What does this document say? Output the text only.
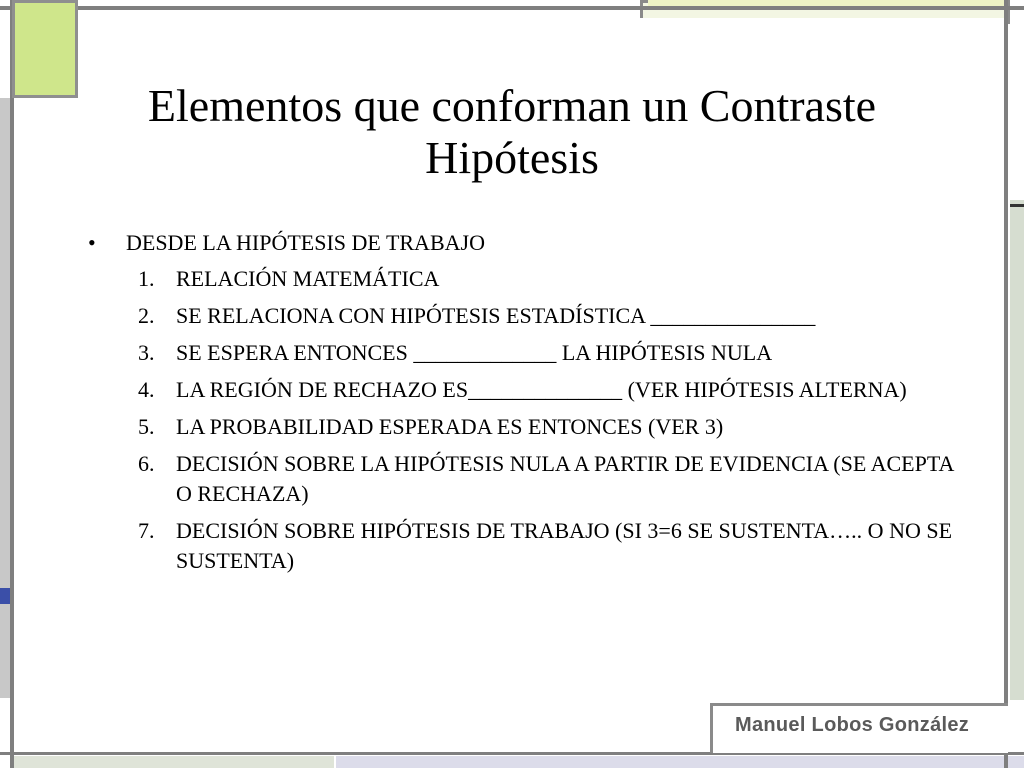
Elementos que conforman un Contraste
Hipótesis
•	DESDE LA HIPÓTESIS DE TRABAJO
1. RELACIÓN MATEMÁTICA
2. SE RELACIONA CON HIPÓTESIS ESTADÍSTICA _______________
3. SE ESPERA ENTONCES _____________ LA HIPÓTESIS NULA
4. LA REGIÓN DE RECHAZO ES______________ (VER HIPÓTESIS ALTERNA)
5. LA PROBABILIDAD ESPERADA ES ENTONCES (VER 3)
6. DECISIÓN SOBRE LA HIPÓTESIS NULA A PARTIR DE EVIDENCIA (SE ACEPTA O RECHAZA)
7. DECISIÓN SOBRE HIPÓTESIS DE TRABAJO (SI 3=6 SE SUSTENTA….. O NO SE SUSTENTA)
Manuel Lobos González
